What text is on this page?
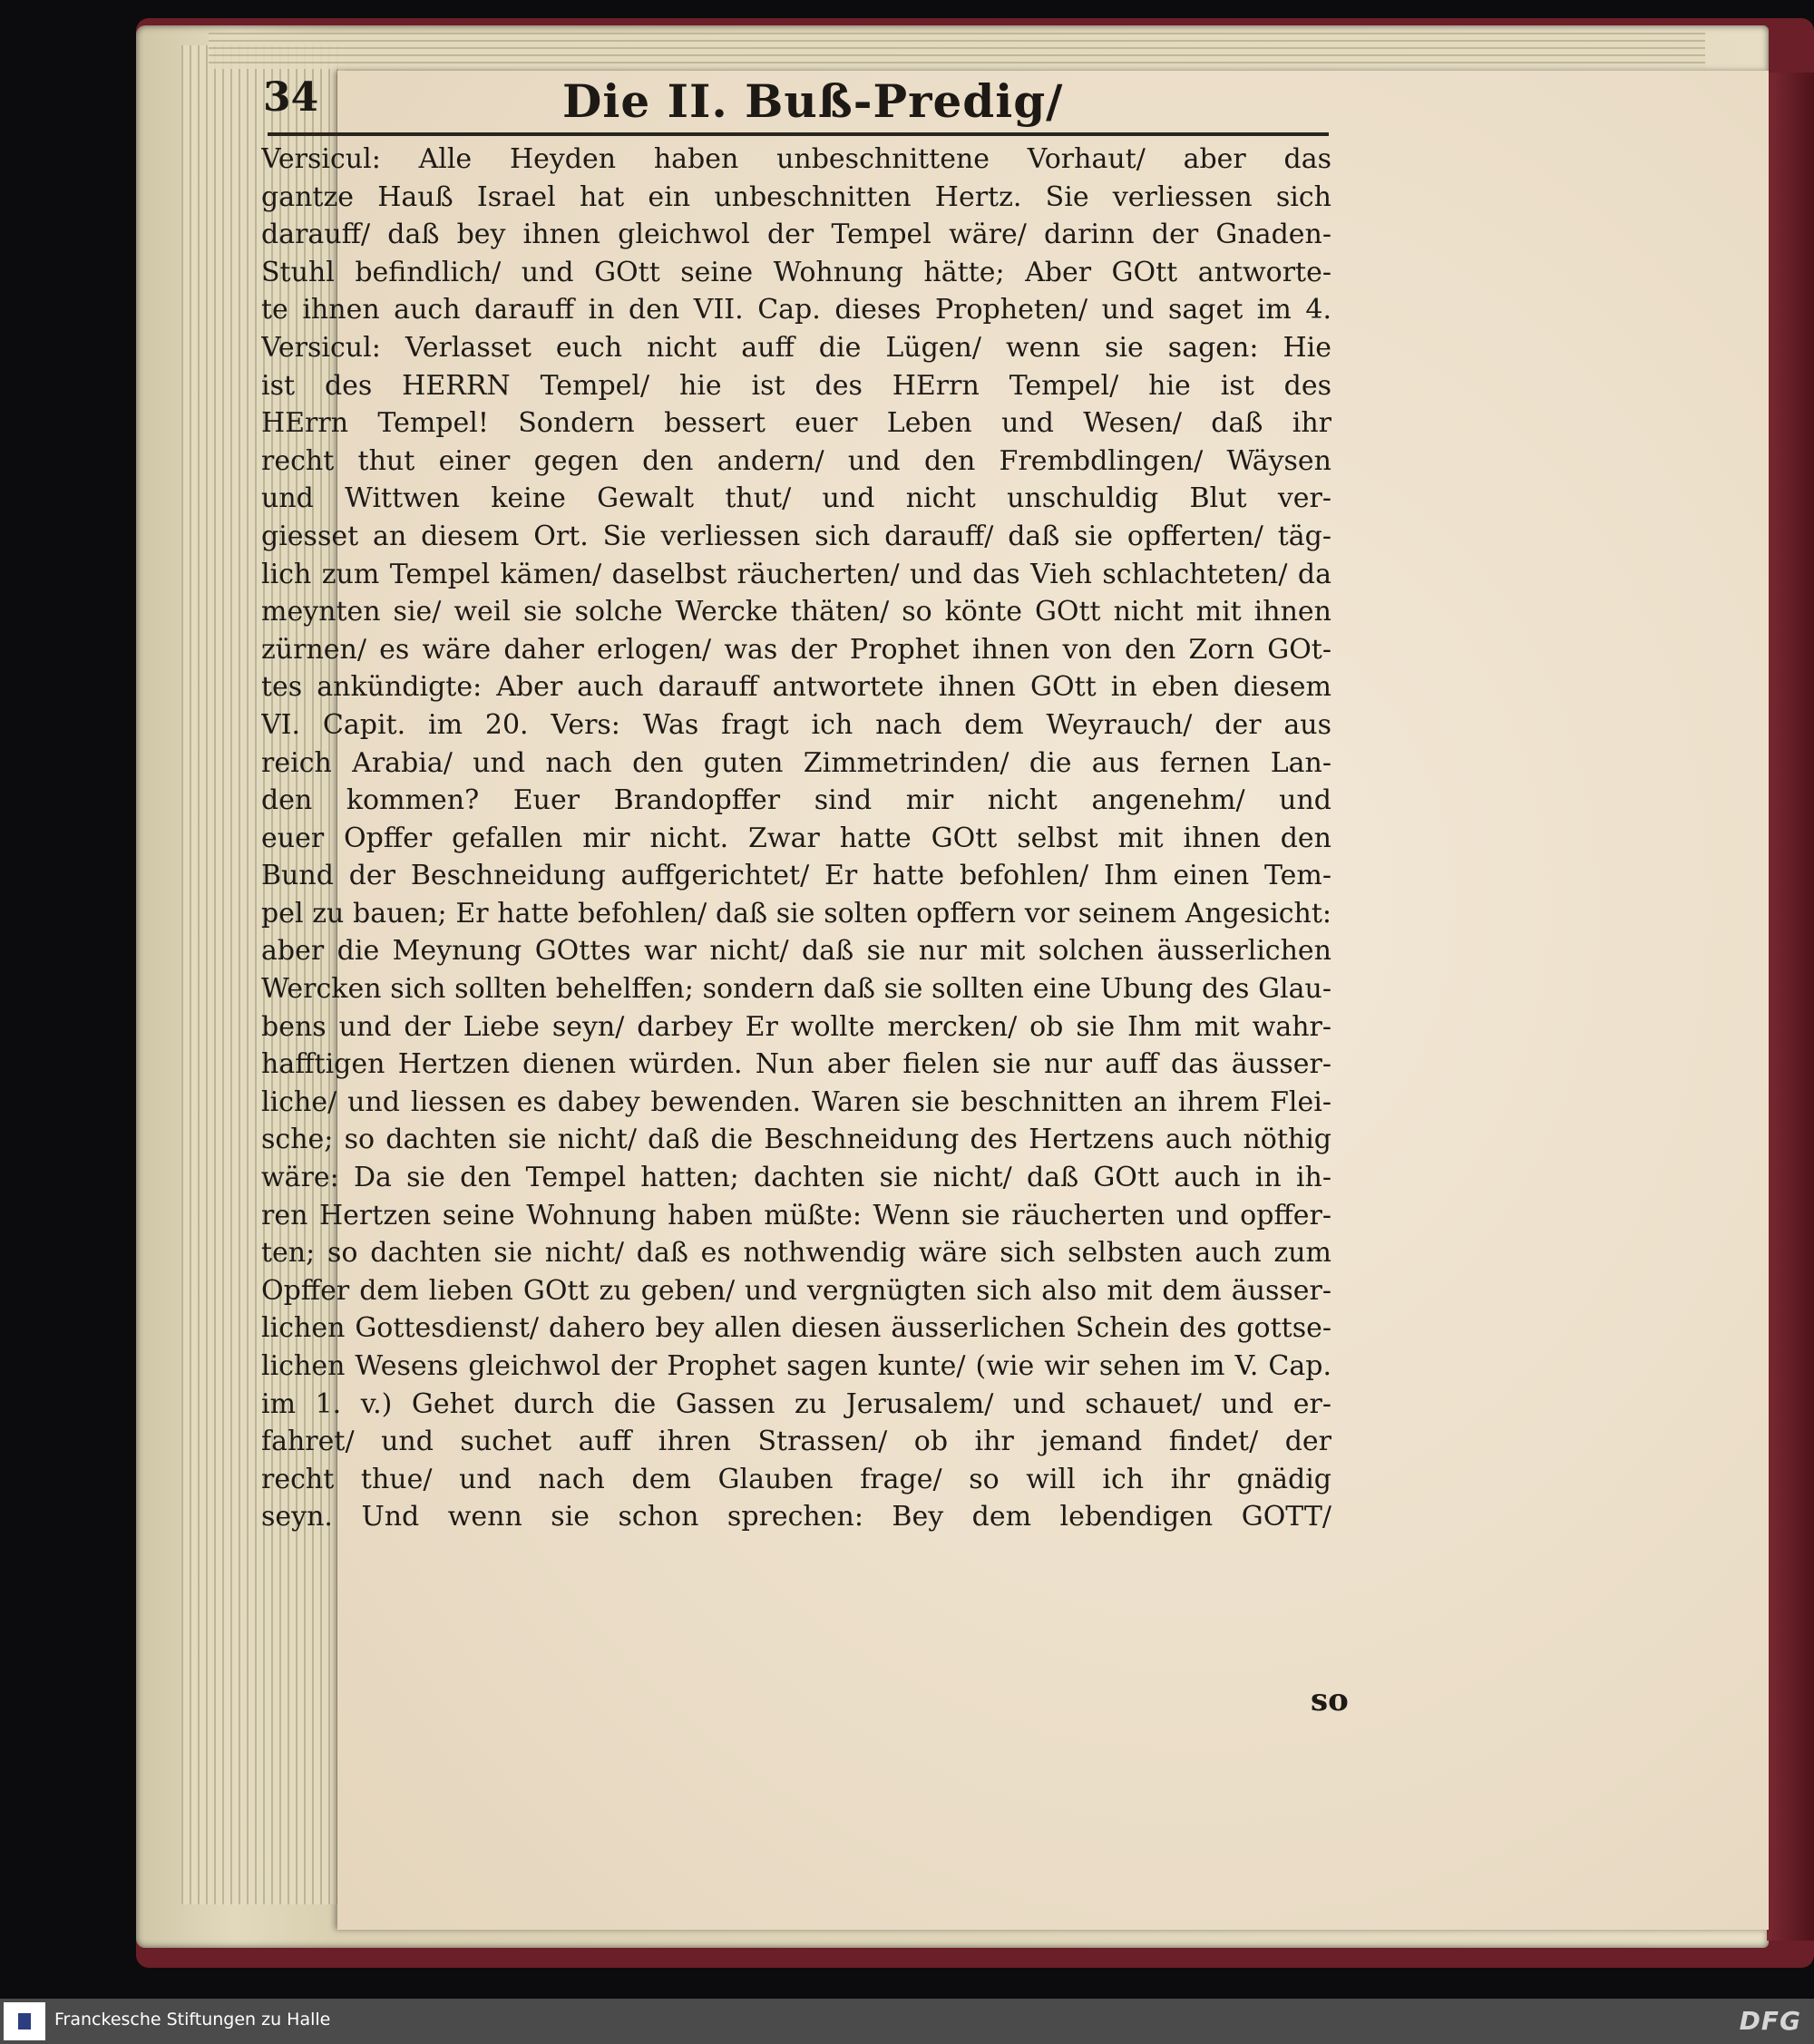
34	Die II. Buß-Predig/
Versicul: Alle Heyden haben unbeschnittene Vorhaut/ aber das
gantze Hauß Israel hat ein unbeschnitten Hertz. Sie verliessen sich
darauff/ daß bey ihnen gleichwol der Tempel wäre/ darinn der Gnaden-
Stuhl befindlich/ und GOtt seine Wohnung hätte; Aber GOtt antworte-
te ihnen auch darauff in den VII. Cap. dieses Propheten/ und saget im 4.
Versicul: Verlasset euch nicht auff die Lügen/ wenn sie sagen: Hie
ist des HERRN Tempel/ hie ist des HErrn Tempel/ hie ist des
HErrn Tempel! Sondern bessert euer Leben und Wesen/ daß ihr
recht thut einer gegen den andern/ und den Frembdlingen/ Wäysen
und Wittwen keine Gewalt thut/ und nicht unschuldig Blut ver-
giesset an diesem Ort. Sie verliessen sich darauff/ daß sie opfferten/ täg-
lich zum Tempel kämen/ daselbst räucherten/ und das Vieh schlachteten/ da
meynten sie/ weil sie solche Wercke thäten/ so könte GOtt nicht mit ihnen
zürnen/ es wäre daher erlogen/ was der Prophet ihnen von den Zorn GOt-
tes ankündigte: Aber auch darauff antwortete ihnen GOtt in eben diesem
VI. Capit. im 20. Vers: Was fragt ich nach dem Weyrauch/ der aus
reich Arabia/ und nach den guten Zimmetrinden/ die aus fernen Lan-
den kommen? Euer Brandopffer sind mir nicht angenehm/ und
euer Opffer gefallen mir nicht. Zwar hatte GOtt selbst mit ihnen den
Bund der Beschneidung auffgerichtet/ Er hatte befohlen/ Ihm einen Tem-
pel zu bauen; Er hatte befohlen/ daß sie solten opffern vor seinem Angesicht:
aber die Meynung GOttes war nicht/ daß sie nur mit solchen äusserlichen
Wercken sich sollten behelffen; sondern daß sie sollten eine Ubung des Glau-
bens und der Liebe seyn/ darbey Er wollte mercken/ ob sie Ihm mit wahr-
hafftigen Hertzen dienen würden. Nun aber fielen sie nur auff das äusser-
liche/ und liessen es dabey bewenden. Waren sie beschnitten an ihrem Flei-
sche; so dachten sie nicht/ daß die Beschneidung des Hertzens auch nöthig
wäre: Da sie den Tempel hatten; dachten sie nicht/ daß GOtt auch in ih-
ren Hertzen seine Wohnung haben müßte: Wenn sie räucherten und opffer-
ten; so dachten sie nicht/ daß es nothwendig wäre sich selbsten auch zum
Opffer dem lieben GOtt zu geben/ und vergnügten sich also mit dem äusser-
lichen Gottesdienst/ dahero bey allen diesen äusserlichen Schein des gottse-
lichen Wesens gleichwol der Prophet sagen kunte/ (wie wir sehen im V. Cap.
im 1. v.) Gehet durch die Gassen zu Jerusalem/ und schauet/ und er-
fahret/ und suchet auff ihren Strassen/ ob ihr jemand findet/ der
recht thue/ und nach dem Glauben frage/ so will ich ihr gnädig
seyn. Und wenn sie schon sprechen: Bey dem lebendigen GOTT/
so
Franckesche Stiftungen zu Halle	DFG
